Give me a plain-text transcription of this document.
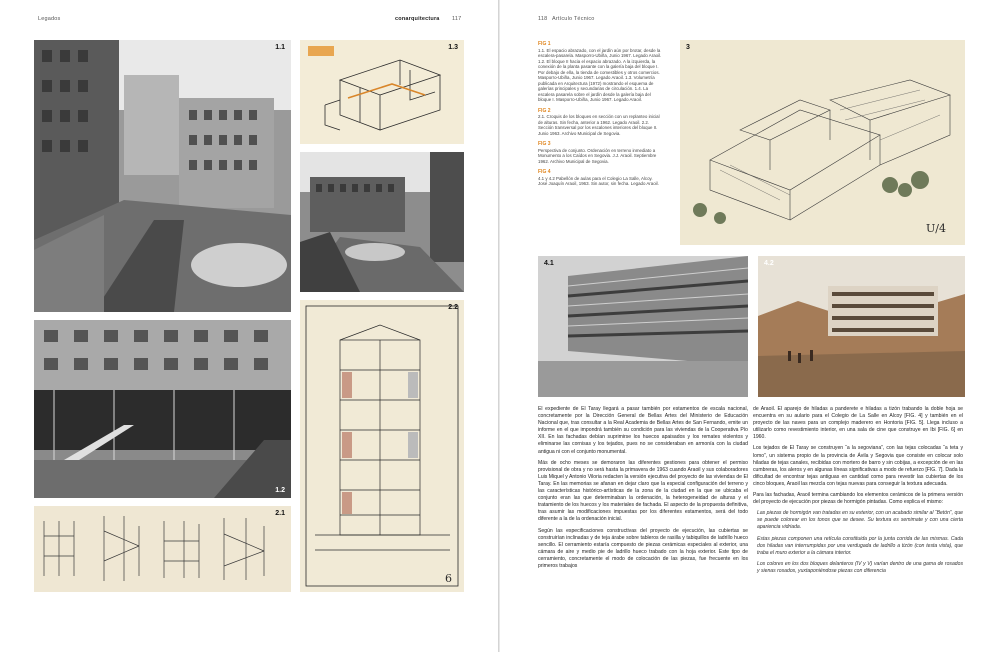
Legados	conarquitectura 117
1.1	1.3
1.2
2.1
6
2.2
118 Artículo Técnico
FIG 1
1.1. El espacio abrazado, con el jardín aún por brotar, desde la escalera-pasarela. Masporro-Ubiña, Junio 1967. Legado Araoil. 1.2. El bloque II hacia el espacio abrazado. A la izquierda, la conexión de la planta pasante con la galería baja del bloque I. Por debajo de ella, la tienda de comestibles y otros comercios. Masporro-Ubiña, Junio 1967. Legado Araoil. 1.3. Volumetría publicada en Arquitectura (1972) mostrando el esquema de galerías principales y secundarias de circulación. 1.4. La escalera pasarela sobre el jardín desde la galería baja del bloque I. Masporro-Ubiña, Junio 1967. Legado Araoil.
FIG 2
2.1. Croquis de los bloques en sección con un replanteo inicial de alturas. Sin fecha, anterior a 1962. Legado Araoil. 2.2. Sección transversal por los escalones interiores del bloque II. Junio 1963. Archivo Municipal de Segovia.
FIG 3
Perspectiva de conjunto. Ordenación en terreno inmediato a Monumento a los Caídos en Segovia. J.J. Araoil. Septiembre 1962. Archivo Municipal de Segovia.
FIG 4
4.1 y 4.2 Pabellón de aulas para el Colegio La Salle, Alcoy. José Joaquín Araoil, 1963. Sin autor, sin fecha. Legado Araoil.
U/4
3
4.1	4.2

de Araoil. El aparejo de hiladas a panderete e hiladas a tizón trabando la doble hoja se encuentra en su aulario para el Colegio de La Salle en Alcoy [FIG. 4] y también en el proyecto de las naves para un complejo maderero en Hontoria [FIG. 5]. Llega incluso a utilizarlo como revestimiento interior, en una sala de cine que construye en Ibi [FIG. 6] en 1960.

Los tejados de El Taray se construyen “a la segoviana”, con las tejas colocadas “a teta y lomo”, un sistema propio de la provincia de Ávila y Segovia que consiste en colocar solo hiladas de tejas canales, recibidas con mortero de barro y sin cobijas, a excepción de en las cumbreras, los aleros y en algunas líneas significativas a modo de refuerzo [FIG. 7]. Dada la dificultad de encontrar tejas antiguas en cantidad como para revestir las cubiertas de los cinco bloques, Araoil las mezcla con tejas nuevas para conseguir la textura adecuada.

Para las fachadas, Araoil termina cambiando los elementos cerámicos de la primera versión del proyecto de ejecución por piezas de hormigón pintadas. Como explica el mismo:

Las piezas de hormigón van tratadas en su exterior, con un acabado similar al “Betón”, que se puede colorear en los tonos que se desee. Su textura es semimate y con una cierta apariencia vidriada.

Estas piezas componen una retícula constituida por la junta corrida de las mismas. Cada dos hiladas van interrumpidas por una verdugada de ladrillo a tizón (con testa vista), que traba el muro exterior a la cámara interior.

Los colores en los dos bloques delanteros (IV y V) varían dentro de una gama de rosados y sienas rosados, yuxtaponiéndose piezas con diferencia

El expediente de El Taray llegará a pasar también por estamentos de escala nacional, concretamente por la Dirección General de Bellas Artes del Ministerio de Educación Nacional que, tras consultar a la Real Academia de Bellas Artes de San Fernando, emite un informe en el que impondrá también su condición para las viviendas de la Cooperativa Pío XII. En las fachadas debían suprimirse los huecos apaisados y los remates violentos y eliminarse las cornisas y los tejados, pues no se consideraban en armonía con la ciudad antigua ni con el conjunto monumental.

Más de ocho meses se demoraron las diferentes gestiones para obtener el permiso provisional de obra y no será hasta la primavera de 1963 cuando Araoil y sus colaboradores Luis Miquel y Antonio Viloria redacten la versión ejecutiva del proyecto de las viviendas de El Taray. En las memorias se afanan en dejar claro que la especial configuración del terreno y las características histórico-artísticas de la zona de la ciudad en la que se ubicaba el conjunto eran las que determinaban la ordenación, la heterogeneidad de alturas y el tratamiento de los huecos y los materiales de fachada. El aspecto de la propuesta definitiva, tras asumir las modificaciones impuestas por los diferentes estamentos, será del todo diferente a la de la ordenación inicial.

Según las especificaciones constructivas del proyecto de ejecución, las cubiertas se construirían inclinadas y de teja árabe sobre tableros de rasilla y tabiquillos de ladrillo hueco sencillo. El cerramiento estaría compuesto de piezas cerámicas especiales al exterior, una cámara de aire y medio pie de ladrillo hueco trabado con la hoja exterior. Este tipo de cerramiento, concretamente el modo de colocación de las piezas, fue frecuente en los primeros trabajos
